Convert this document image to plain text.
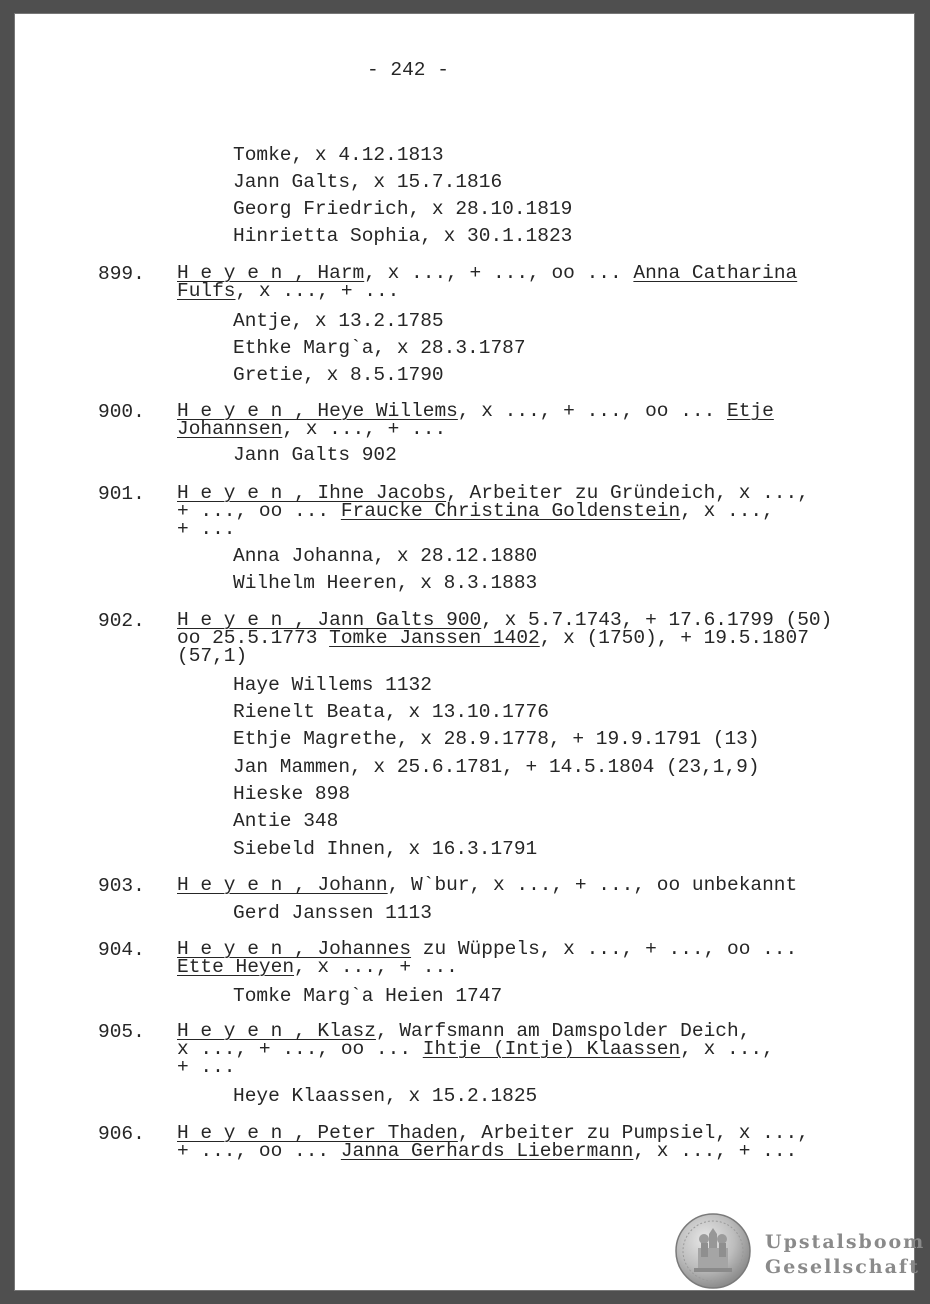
- 242 -
Tomke, x 4.12.1813
Jann Galts, x 15.7.1816
Georg Friedrich, x 28.10.1819
Hinrietta Sophia, x 30.1.1823
899. H e y e n , Harm, x ..., + ..., oo ... Anna Catharina
Fulfs, x ..., + ...
Antje, x 13.2.1785
Ethke Marg`a, x 28.3.1787
Gretie, x 8.5.1790
900. H e y e n , Heye Willems, x ..., + ..., oo ... Etje
Johannsen, x ..., + ...
Jann Galts 902
901. H e y e n , Ihne Jacobs, Arbeiter zu Gründeich, x ...,
+ ..., oo ... Fraucke Christina Goldenstein, x ...,
+ ...
Anna Johanna, x 28.12.1880
Wilhelm Heeren, x 8.3.1883
902. H e y e n , Jann Galts 900, x 5.7.1743, + 17.6.1799 (50)
oo 25.5.1773 Tomke Janssen 1402, x (1750), + 19.5.1807
(57,1)
Haye Willems 1132
Rienelt Beata, x 13.10.1776
Ethje Magrethe, x 28.9.1778, + 19.9.1791 (13)
Jan Mammen, x 25.6.1781, + 14.5.1804 (23,1,9)
Hieske 898
Antie 348
Siebeld Ihnen, x 16.3.1791
903. H e y e n , Johann, W`bur, x ..., + ..., oo unbekannt
Gerd Janssen 1113
904. H e y e n , Johannes zu Wüppels, x ..., + ..., oo ...
Ette Heyen, x ..., + ...
Tomke Marg`a Heien 1747
905. H e y e n , Klasz, Warfsmann am Damspolder Deich,
x ..., + ..., oo ... Ihtje (Intje) Klaassen, x ...,
+ ...
Heye Klaassen, x 15.2.1825
906. H e y e n , Peter Thaden, Arbeiter zu Pumpsiel, x ...,
+ ..., oo ... Janna Gerhards Liebermann, x ..., + ...
Upstalsboom
Gesellschaft
